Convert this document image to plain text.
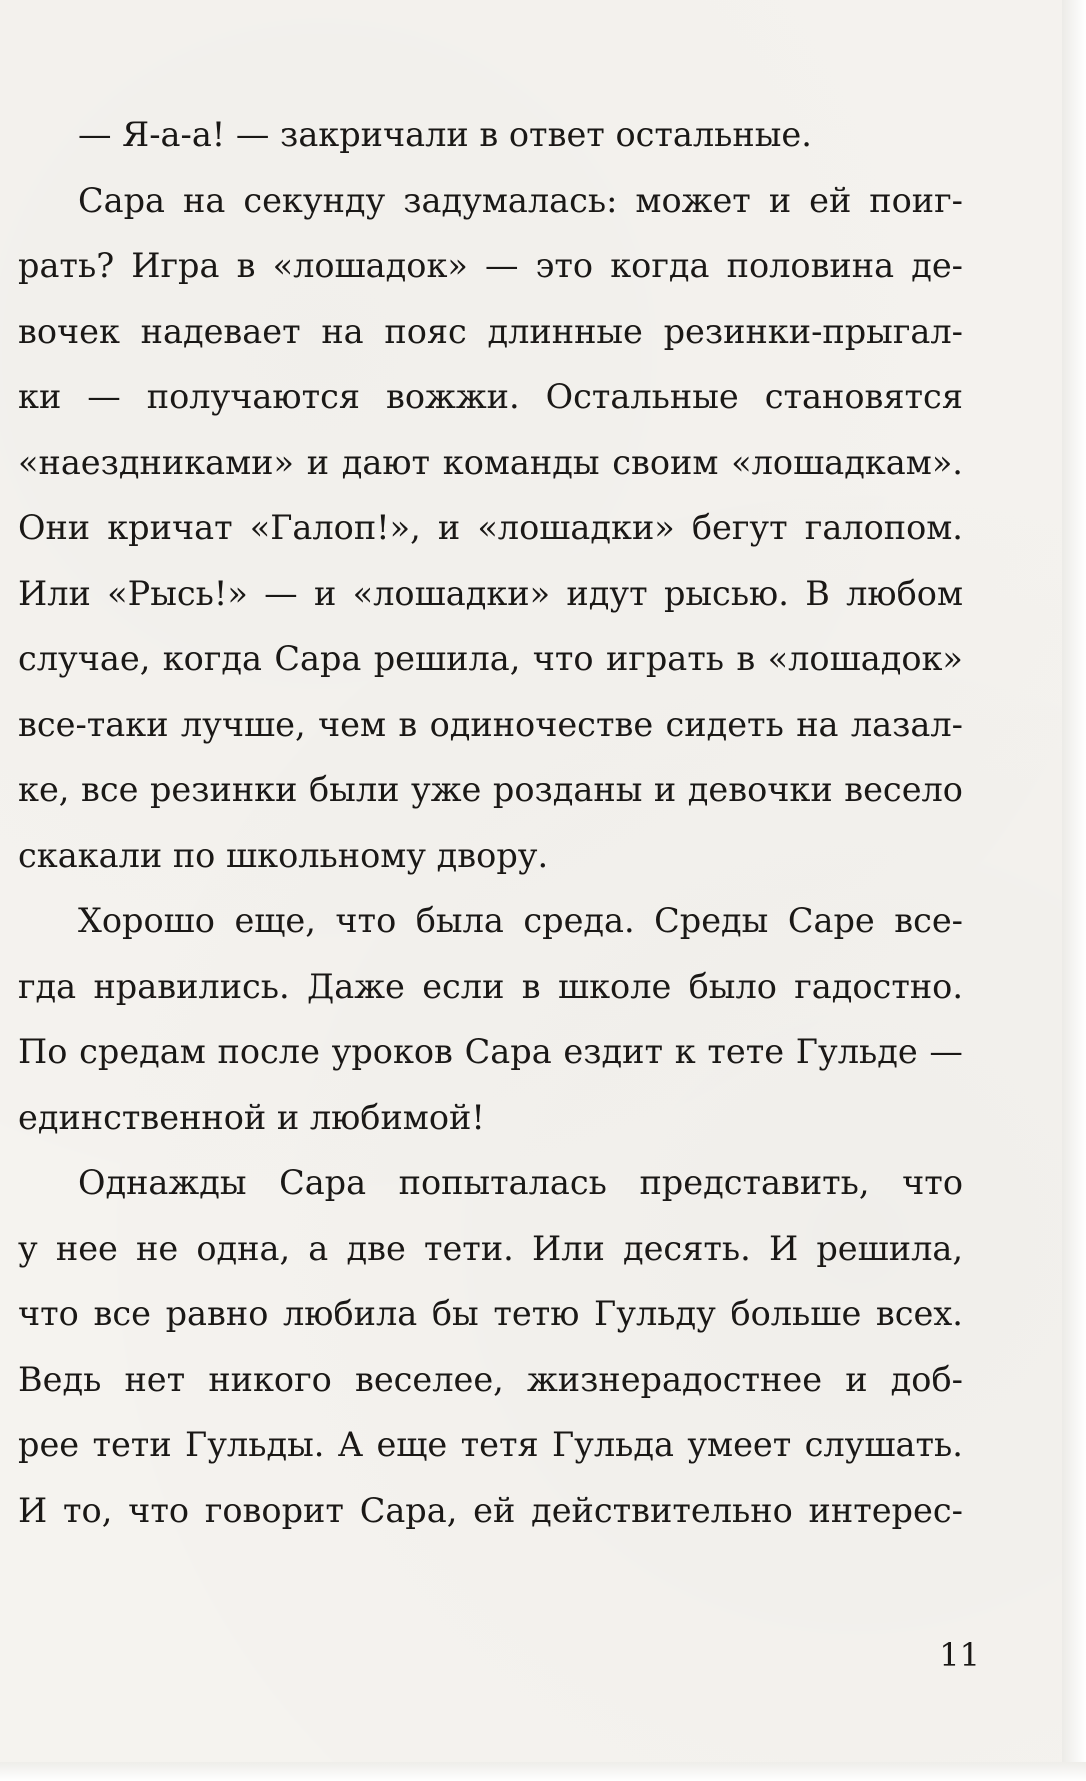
— Я-а-а! — закричали в ответ остальные.
Сара на секунду задумалась: может и ей поиг-
рать? Игра в «лошадок» — это когда половина де-
вочек надевает на пояс длинные резинки-прыгал-
ки — получаются вожжи. Остальные становятся
«наездниками» и дают команды своим «лошадкам».
Они кричат «Галоп!», и «лошадки» бегут галопом.
Или «Рысь!» — и «лошадки» идут рысью. В любом
случае, когда Сара решила, что играть в «лошадок»
все-таки лучше, чем в одиночестве сидеть на лазал-
ке, все резинки были уже розданы и девочки весело
скакали по школьному двору.
Хорошо еще, что была среда. Среды Саре все-
гда нравились. Даже если в школе было гадостно.
По средам после уроков Сара ездит к тете Гульде —
единственной и любимой!
Однажды Сара попыталась представить, что
у нее не одна, а две тети. Или десять. И решила,
что все равно любила бы тетю Гульду больше всех.
Ведь нет никого веселее, жизнерадостнее и доб-
рее тети Гульды. А еще тетя Гульда умеет слушать.
И то, что говорит Сара, ей действительно интерес-
11
